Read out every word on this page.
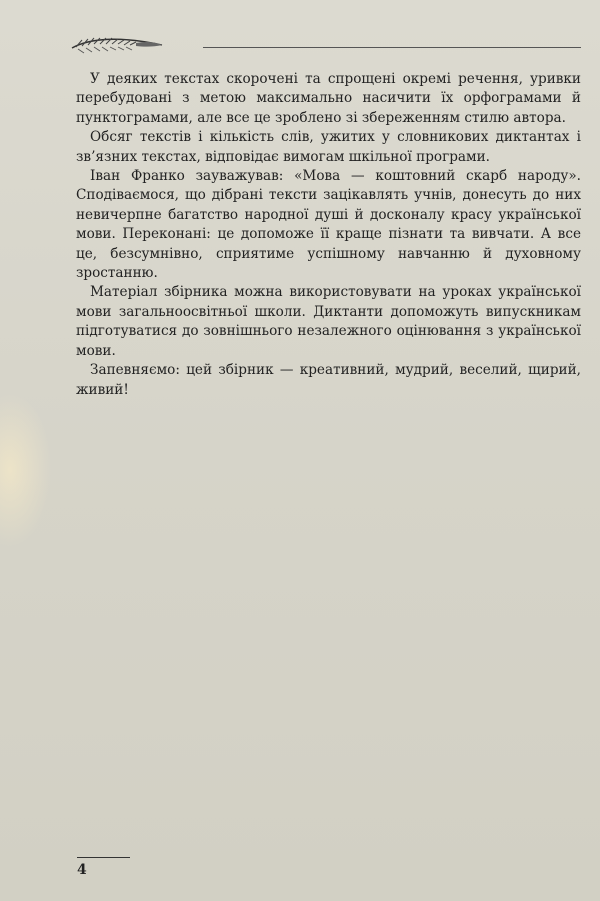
У деяких текстах скорочені та спрощені окремі речення, уривки перебудовані з метою максимально насичити їх орфограмами й пунктограмами, але все це зроблено зі збереженням стилю автора.

Обсяг текстів і кількість слів, ужитих у словникових диктантах і зв’язних текстах, відповідає вимогам шкільної програми.

Іван Франко зауважував: «Мова — коштовний скарб народу». Сподіваємося, що дібрані тексти зацікавлять учнів, донесуть до них невичерпне багатство народної душі й досконалу красу української мови. Переконані: це допоможе її краще пізнати та вивчати. А все це, безсумнівно, сприятиме успішному навчанню й духовному зростанню.

Матеріал збірника можна використовувати на уроках української мови загальноосвітньої школи. Диктанти допоможуть випускникам підготуватися до зовнішнього незалежного оцінювання з української мови.

Запевняємо: цей збірник — креативний, мудрий, веселий, щирий, живий!

4
